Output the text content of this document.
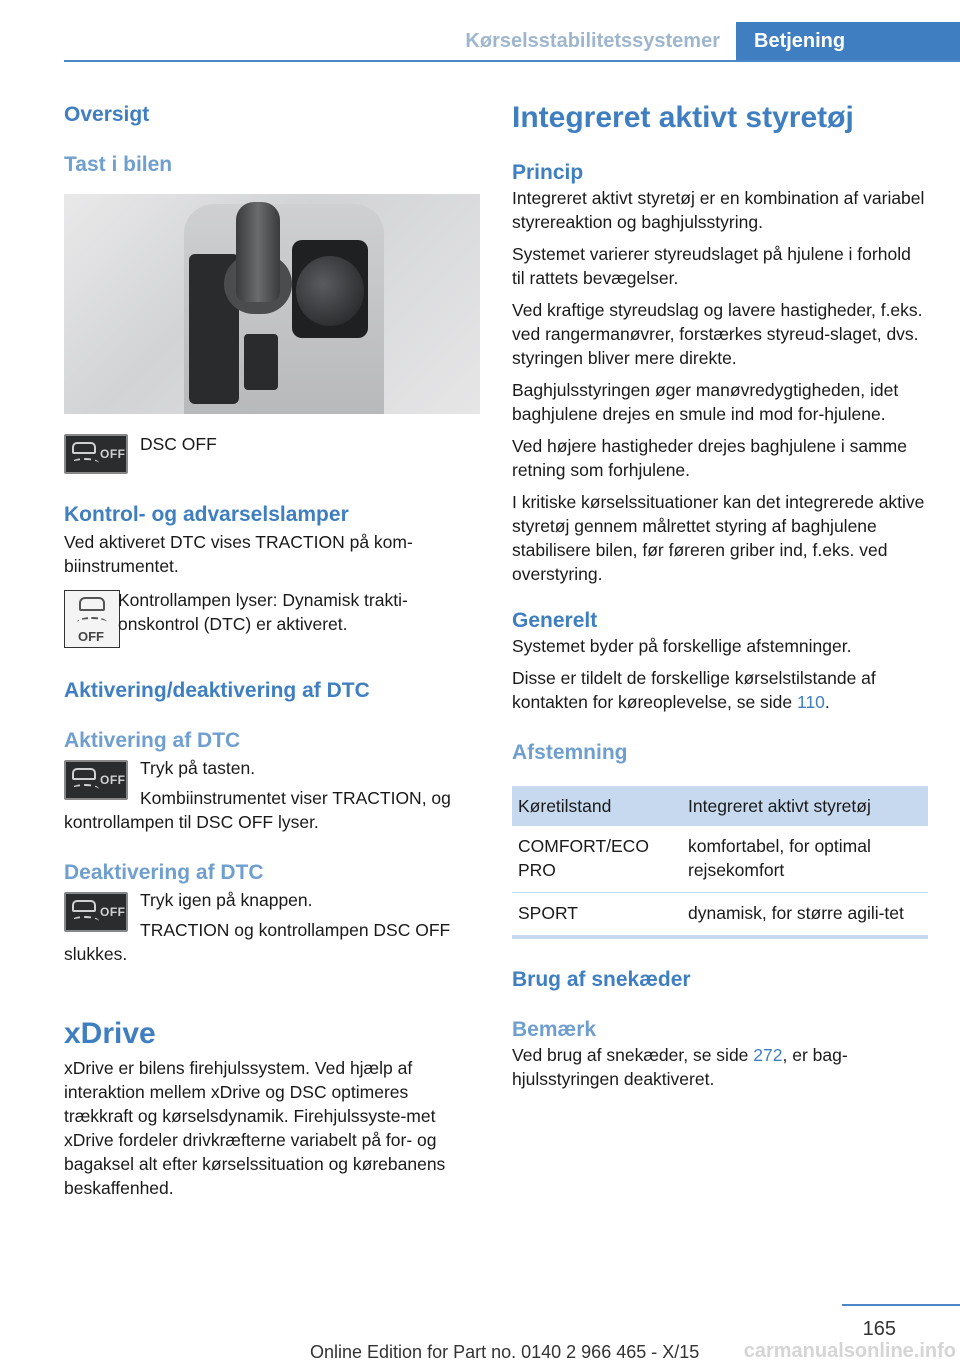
Kørselsstabilitetssystemer	Betjening
Oversigt
Tast i bilen
OFF DSC OFF
Kontrol- og advarselslamper
Ved aktiveret DTC vises TRACTION på kom-biinstrumentet.
OFF
Kontrollampen lyser: Dynamisk trakti-onskontrol (DTC) er aktiveret.
Aktivering/deaktivering af DTC
Aktivering af DTC
OFF
Tryk på tasten.
Kombiinstrumentet viser TRACTION, og kontrollampen til DSC OFF lyser.
Deaktivering af DTC
OFF
Tryk igen på knappen.
TRACTION og kontrollampen DSC OFF slukkes.
xDrive
xDrive er bilens firehjulssystem. Ved hjælp af interaktion mellem xDrive og DSC optimeres trækkraft og kørselsdynamik. Firehjulssyste-met xDrive fordeler drivkræfterne variabelt på for- og bagaksel alt efter kørselssituation og kørebanens beskaffenhed.
Integreret aktivt styretøj
Princip
Integreret aktivt styretøj er en kombination af variabel styrereaktion og baghjulsstyring.
Systemet varierer styreudslaget på hjulene i forhold til rattets bevægelser.
Ved kraftige styreudslag og lavere hastigheder, f.eks. ved rangermanøvrer, forstærkes styreud-slaget, dvs. styringen bliver mere direkte.
Baghjulsstyringen øger manøvredygtigheden, idet baghjulene drejes en smule ind mod for-hjulene.
Ved højere hastigheder drejes baghjulene i samme retning som forhjulene.
I kritiske kørselssituationer kan det integrerede aktive styretøj gennem målrettet styring af baghjulene stabilisere bilen, før føreren griber ind, f.eks. ved overstyring.
Generelt
Systemet byder på forskellige afstemninger.
Disse er tildelt de forskellige kørselstilstande af kontakten for køreoplevelse, se side 110.
Afstemning
Køretilstand	Integreret aktivt styretøj
COMFORT/ECO PRO	komfortabel, for optimal rejsekomfort
SPORT	dynamisk, for større agili-tet
Brug af snekæder
Bemærk
Ved brug af snekæder, se side 272, er bag-hjulsstyringen deaktiveret.
165
Online Edition for Part no. 0140 2 966 465 - X/15 carmanualsonline.info
